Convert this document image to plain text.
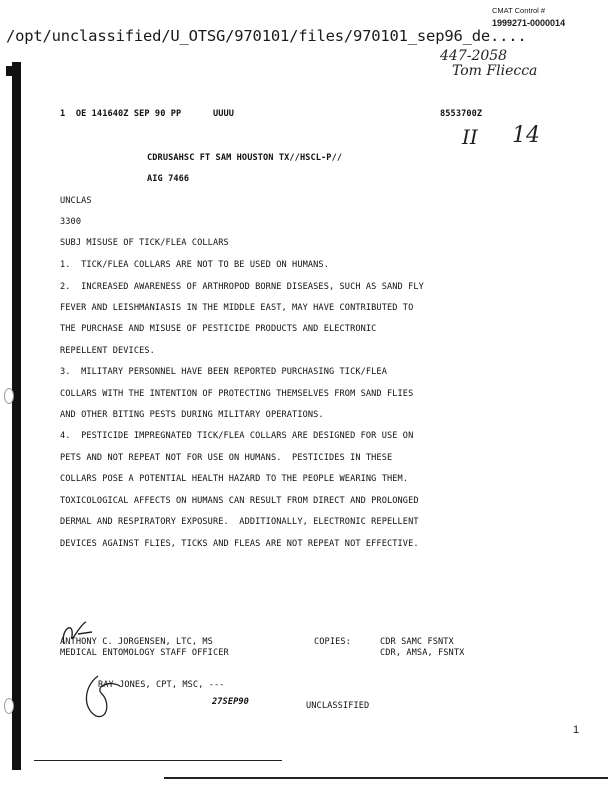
CMAT Control #
1999271-0000014
/opt/unclassified/U_OTSG/970101/files/970101_sep96_de....
447-2058
Tom Fliecca
II 14
1  OE 141640Z SEP 90 PP      UUUU	8553700Z
CDRUSAHSC FT SAM HOUSTON TX//HSCL-P//
AIG 7466
UNCLAS
3300
SUBJ MISUSE OF TICK/FLEA COLLARS
1.  TICK/FLEA COLLARS ARE NOT TO BE USED ON HUMANS.
2.  INCREASED AWARENESS OF ARTHROPOD BORNE DISEASES, SUCH AS SAND FLY
FEVER AND LEISHMANIASIS IN THE MIDDLE EAST, MAY HAVE CONTRIBUTED TO
THE PURCHASE AND MISUSE OF PESTICIDE PRODUCTS AND ELECTRONIC
REPELLENT DEVICES.
3.  MILITARY PERSONNEL HAVE BEEN REPORTED PURCHASING TICK/FLEA
COLLARS WITH THE INTENTION OF PROTECTING THEMSELVES FROM SAND FLIES
AND OTHER BITING PESTS DURING MILITARY OPERATIONS.
4.  PESTICIDE IMPREGNATED TICK/FLEA COLLARS ARE DESIGNED FOR USE ON
PETS AND NOT REPEAT NOT FOR USE ON HUMANS.  PESTICIDES IN THESE
COLLARS POSE A POTENTIAL HEALTH HAZARD TO THE PEOPLE WEARING THEM.
TOXICOLOGICAL AFFECTS ON HUMANS CAN RESULT FROM DIRECT AND PROLONGED
DERMAL AND RESPIRATORY EXPOSURE.  ADDITIONALLY, ELECTRONIC REPELLENT
DEVICES AGAINST FLIES, TICKS AND FLEAS ARE NOT REPEAT NOT EFFECTIVE.
ANTHONY C. JORGENSEN, LTC, MS
MEDICAL ENTOMOLOGY STAFF OFFICER
COPIES:	CDR SAMC FSNTX
CDR, AMSA, FSNTX
RAY JONES, CPT, MSC, ---
27SEP90	UNCLASSIFIED
1
